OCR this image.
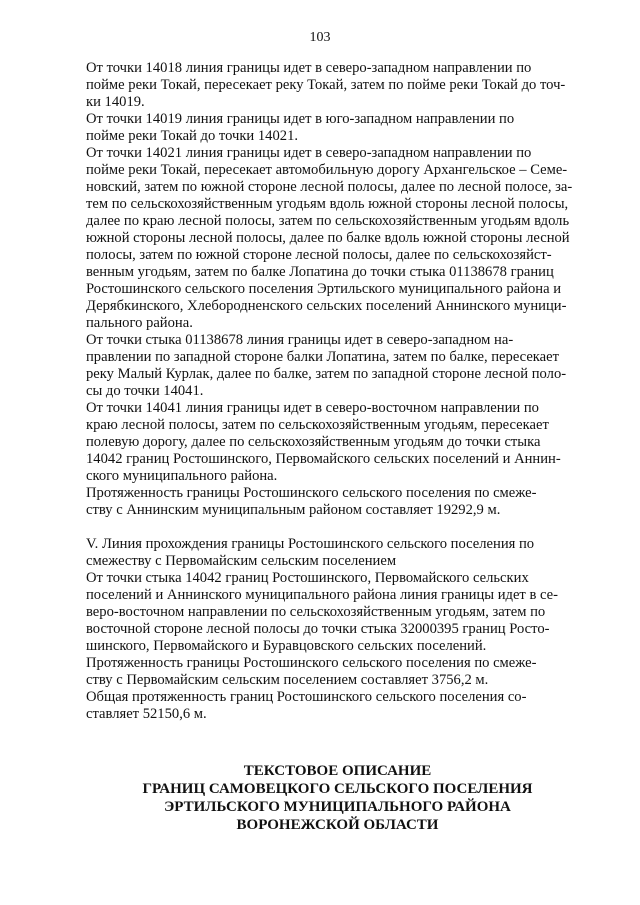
103

От точки 14018 линия границы идет в северо-западном направлении по
пойме реки Токай, пересекает реку Токай, затем по пойме реки Токай до точ-
ки 14019.

От точки 14019 линия границы идет в юго-западном направлении по
пойме реки Токай до точки 14021.

От точки 14021 линия границы идет в северо-западном направлении по
пойме реки Токай, пересекает автомобильную дорогу Архангельское – Семе-
новский, затем по южной стороне лесной полосы, далее по лесной полосе, за-
тем по сельскохозяйственным угодьям вдоль южной стороны лесной полосы,
далее по краю лесной полосы, затем по сельскохозяйственным угодьям вдоль
южной стороны лесной полосы, далее по балке вдоль южной стороны лесной
полосы, затем по южной стороне лесной полосы, далее по сельскохозяйст-
венным угодьям, затем по балке Лопатина до точки стыка 01138678 границ
Ростошинского сельского поселения Эртильского муниципального района и
Дерябкинского, Хлебородненского сельских поселений Аннинского муници-
пального района.

От точки стыка 01138678 линия границы идет в северо-западном на-
правлении по западной стороне балки Лопатина, затем по балке, пересекает
реку Малый Курлак, далее по балке, затем по западной стороне лесной поло-
сы до точки 14041.

От точки 14041 линия границы идет в северо-восточном направлении по
краю лесной полосы, затем по сельскохозяйственным угодьям, пересекает
полевую дорогу, далее по сельскохозяйственным угодьям до точки стыка
14042 границ Ростошинского, Первомайского сельских поселений и Аннин-
ского муниципального района.

Протяженность границы Ростошинского сельского поселения по смеже-
ству с Аннинским муниципальным районом составляет 19292,9 м.

V. Линия прохождения границы Ростошинского сельского поселения по
смежеству с Первомайским сельским поселением

От точки стыка 14042 границ Ростошинского, Первомайского сельских
поселений и Аннинского муниципального района линия границы идет в се-
веро-восточном направлении по сельскохозяйственным угодьям, затем по
восточной стороне лесной полосы до точки стыка 32000395 границ Росто-
шинского, Первомайского и Буравцовского сельских поселений.

Протяженность границы Ростошинского сельского поселения по смеже-
ству с Первомайским сельским поселением составляет 3756,2 м.

Общая протяженность границ Ростошинского сельского поселения со-
ставляет 52150,6 м.

ТЕКСТОВОЕ ОПИСАНИЕ

ГРАНИЦ САМОВЕЦКОГО СЕЛЬСКОГО ПОСЕЛЕНИЯ

ЭРТИЛЬСКОГО МУНИЦИПАЛЬНОГО РАЙОНА

ВОРОНЕЖСКОЙ ОБЛАСТИ
